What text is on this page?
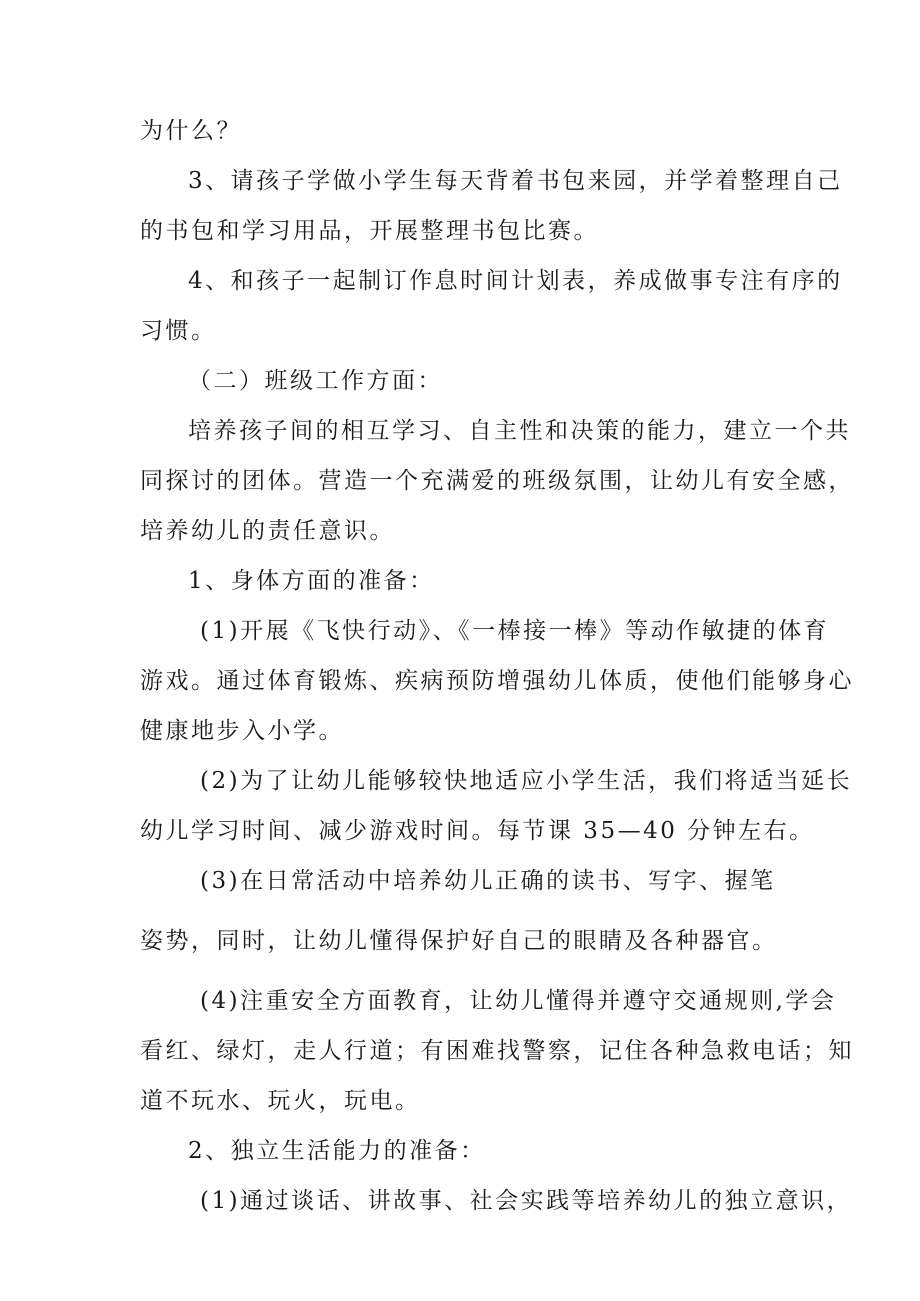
为什么？
3、请孩子学做小学生每天背着书包来园，并学着整理自己
的书包和学习用品，开展整理书包比赛。
4、和孩子一起制订作息时间计划表，养成做事专注有序的
习惯。
（二）班级工作方面：
培养孩子间的相互学习、自主性和决策的能力，建立一个共
同探讨的团体。营造一个充满爱的班级氛围，让幼儿有安全感，
培养幼儿的责任意识。
1、身体方面的准备：
(1)开展《飞快行动》、《一棒接一棒》等动作敏捷的体育
游戏。通过体育锻炼、疾病预防增强幼儿体质，使他们能够身心
健康地步入小学。
(2)为了让幼儿能够较快地适应小学生活，我们将适当延长
幼儿学习时间、减少游戏时间。每节课 35—40 分钟左右。
(3)在日常活动中培养幼儿正确的读书、写字、握笔
姿势，同时，让幼儿懂得保护好自己的眼睛及各种器官。
(4)注重安全方面教育，让幼儿懂得并遵守交通规则,学会
看红、绿灯，走人行道；有困难找警察，记住各种急救电话；知
道不玩水、玩火，玩电。
2、独立生活能力的准备：
(1)通过谈话、讲故事、社会实践等培养幼儿的独立意识，
